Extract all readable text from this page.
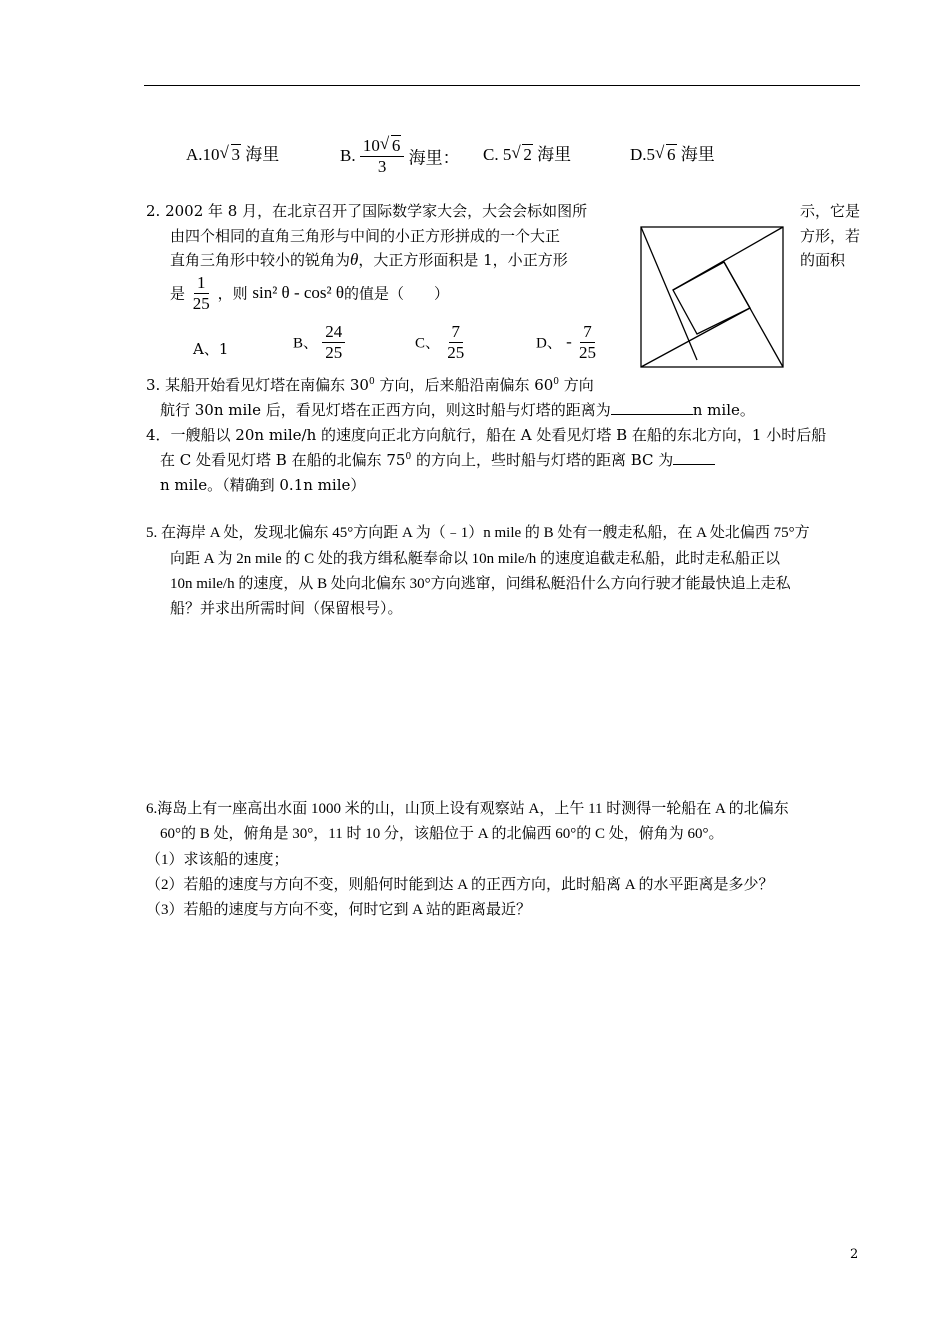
A.10 √ 3 海里	B. $\frac{10 √ 6}{3}$ 海里： C. 5 √ 2 海里	D.5 √ 6 海里
2. 2002 年 8 月，在北京召开了国际数学家大会，大会会标如图所	示，它是
由四个相同的直角三角形与中间的小正方形拼成的一个大正	方形，若
直角三角形中较小的锐角为θ，大正方形面积是 1，小正方形	的面积
是 $\frac{1}{25}$ ，则 sin² θ - cos² θ的值是（　　）
A、1	B、 $\frac{24}{25}$	C、 $\frac{7}{25}$	D、 - $\frac{7}{25}$
3. 某船开始看见灯塔在南偏东 $30^0$ 方向，后来船沿南偏东 $60^0$ 方向
航行 30n mile 后，看见灯塔在正西方向，则这时船与灯塔的距离为	n mile。
4．一艘船以 20n mile/h 的速度向正北方向航行，船在 A 处看见灯塔 B 在船的东北方向，1 小时后船
在 C 处看见灯塔 B 在船的北偏东 $75^0$ 的方向上，些时船与灯塔的距离 BC 为
n mile。（精确到 0.1n mile）
5. 在海岸 A 处，发现北偏东 45°方向距 A 为（﹣1）n mile 的 B 处有一艘走私船，在 A 处北偏西 75°方
向距 A 为 2n mile 的 C 处的我方缉私艇奉命以 10n mile/h 的速度追截走私船，此时走私船正以
10n mile/h 的速度，从 B 处向北偏东 30°方向逃窜，问缉私艇沿什么方向行驶才能最快追上走私
船？并求出所需时间（保留根号）。
6.海岛上有一座高出水面 1000 米的山，山顶上设有观察站 A，上午 11 时测得一轮船在 A 的北偏东
60°的 B 处，俯角是 30°，11 时 10 分，该船位于 A 的北偏西 60°的 C 处，俯角为 60°。
（1）求该船的速度；
（2）若船的速度与方向不变，则船何时能到达 A 的正西方向，此时船离 A 的水平距离是多少？
（3）若船的速度与方向不变，何时它到 A 站的距离最近？
2
